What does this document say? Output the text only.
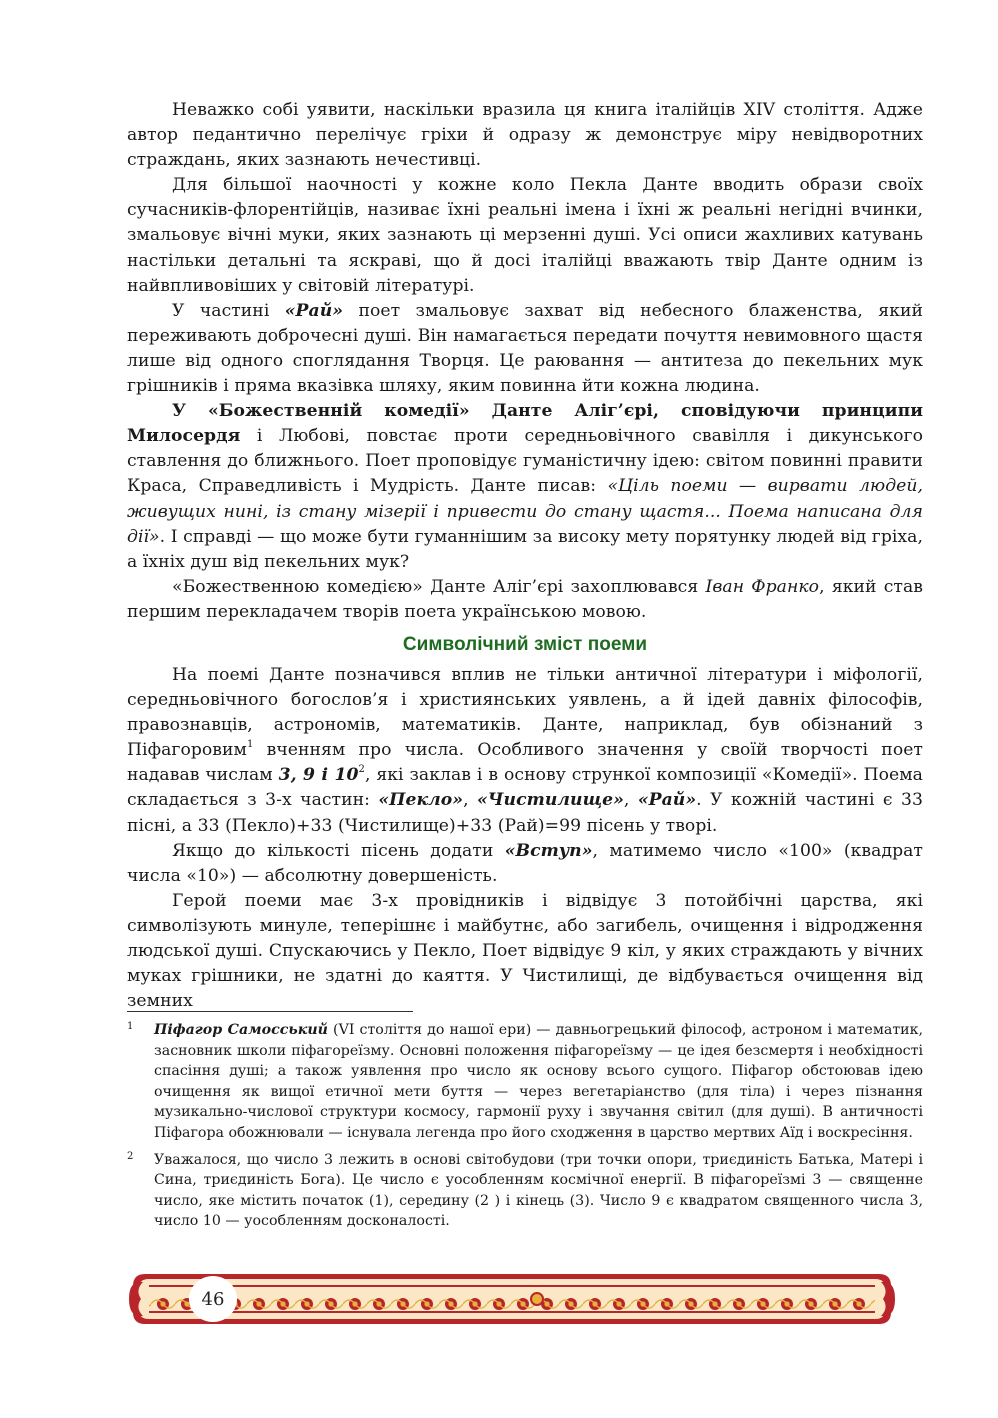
Неважко собі уявити, наскільки вразила ця книга італійців XIV століття. Адже автор педантично перелічує гріхи й одразу ж демонструє міру невідворотних страждань, яких зазнають нечестивці.

Для більшої наочності у кожне коло Пекла Данте вводить образи своїх сучасників-флорентійців, називає їхні реальні імена і їхні ж реальні негідні вчинки, змальовує вічні муки, яких зазнають ці мерзенні душі. Усі описи жахливих катувань настільки детальні та яскраві, що й досі італійці вважають твір Данте одним із найвпливовіших у світовій літературі.

У частині «Рай» поет змальовує захват від небесного блаженства, який переживають доброчесні душі. Він намагається передати почуття невимовного щастя лише від одного споглядання Творця. Це раювання — антитеза до пекельних мук грішників і пряма вказівка шляху, яким повинна йти кожна людина.

У «Божественній комедії» Данте Аліг’єрі, сповідуючи принципи Милосердя і Любові, повстає проти середньовічного свавілля і дикунського ставлення до ближнього. Поет проповідує гуманістичну ідею: світом повинні правити Краса, Справедливість і Мудрість. Данте писав: «Ціль поеми — вирвати людей, живущих нині, із стану мізерії і привести до стану щастя... Поема написана для дії». І справді — що може бути гуманнішим за високу мету порятунку людей від гріха, а їхніх душ від пекельних мук?

«Божественною комедією» Данте Аліг’єрі захоплювався Іван Франко, який став першим перекладачем творів поета українською мовою.

Символічний зміст поеми

На поемі Данте позначився вплив не тільки античної літератури і міфології, середньовічного богослов’я і християнських уявлень, а й ідей давніх філософів, правознавців, астрономів, математиків. Данте, наприклад, був обізнаний з Піфагоровим$^1$ вченням про числа. Особливого значення у своїй творчості поет надавав числам 3, 9 і $10^2$, які заклав і в основу стрункої композиції «Комедії». Поема складається з 3-х частин: «Пекло», «Чистилище», «Рай». У кожній частині є 33 пісні, а 33 (Пекло)+33 (Чистилище)+33 (Рай)=99 пісень у творі.

Якщо до кількості пісень додати «Вступ», матимемо число «100» (квадрат числа «10») — абсолютну довершеність.

Герой поеми має 3-х провідників і відвідує 3 потойбічні царства, які символізують минуле, теперішнє і майбутнє, або загибель, очищення і відродження людської душі. Спускаючись у Пекло, Поет відвідує 9 кіл, у яких страждають у вічних муках грішники, не здатні до каяття. У Чистилищі, де відбувається очищення від земних

1 Піфагор Самосський (VI століття до нашої ери) — давньогрецький філософ, астроном і математик, засновник школи піфагореїзму. Основні положення піфагореїзму — це ідея безсмертя і необхідності спасіння душі; а також уявлення про число як основу всього сущого. Піфагор обстоював ідею очищення як вищої етичної мети буття — через вегетаріанство (для тіла) і через пізнання музикально-числової структури космосу, гармонії руху і звучання світил (для душі). В античності Піфагора обожнювали — існувала легенда про його сходження в царство мертвих Аїд і воскресіння.
2 Уважалося, що число 3 лежить в основі світобудови (три точки опори, триєдиність Батька, Матері і Сина, триєдиність Бога). Це число є уособленням космічної енергії. В піфагореїзмі 3 — священне число, яке містить початок (1), середину (2 ) і кінець (3). Число 9 є квадратом священного числа 3, число 10 — уособленням досконалості.
46
